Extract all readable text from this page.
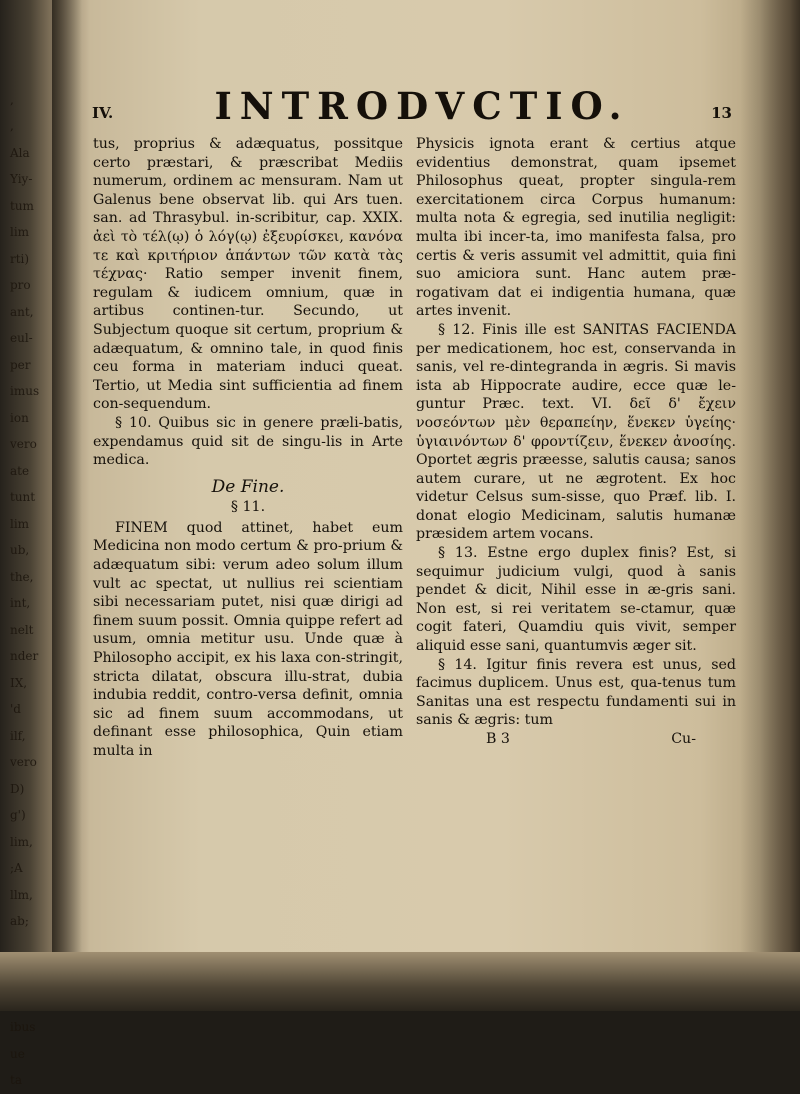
,
,
Ala
Yiy-
tum
lim
rti)
pro
ant,
eul-
per
imus
ion
vero
ate
tunt
lim
ub,
the,
int,
nelt
nder
IX,
'd
ilf,
vero
D)
g')
lim,
;A
llm,
ab;
ibus
ue
ta
IV.	INTRODVCTIO.	13

tus, proprius & adæquatus, possitque certo præstari, & præscribat Mediis numerum, ordinem ac mensuram. Nam ut Galenus bene observat lib. qui Ars tuen. san. ad Thrasybul. in-scribitur, cap. XXIX. ἀεὶ τὸ τέλ(ῳ) ὁ λόγ(ῳ) ἐξευρίσκει, κανόνα τε καὶ κριτήριον ἁπάντων τῶν κατὰ τὰς τέχνας· Ratio semper invenit finem, regulam & iudicem omnium, quæ in artibus continen-tur. Secundo, ut Subjectum quoque sit certum, proprium & adæquatum, & omnino tale, in quod finis ceu forma in materiam induci queat. Tertio, ut Media sint sufficientia ad finem con-sequendum.

§ 10. Quibus sic in genere præli-batis, expendamus quid sit de singu-lis in Arte medica.

De Fine.

§ 11.

FINEM quod attinet, habet eum Medicina non modo certum & pro-prium & adæquatum sibi: verum adeo solum illum vult ac spectat, ut nullius rei scientiam sibi necessariam putet, nisi quæ dirigi ad finem suum possit. Omnia quippe refert ad usum, omnia metitur usu. Unde quæ à Philosopho accipit, ex his laxa con-stringit, stricta dilatat, obscura illu-strat, dubia indubia reddit, contro-versa definit, omnia sic ad finem suum accommodans, ut definant esse philosophica, Quin etiam multa in

Physicis ignota erant & certius atque evidentius demonstrat, quam ipsemet Philosophus queat, propter singula-rem exercitationem circa Corpus humanum: multa nota & egregia, sed inutilia negligit: multa ibi incer-ta, imo manifesta falsa, pro certis & veris assumit vel admittit, quia fini suo amiciora sunt. Hanc autem præ-rogativam dat ei indigentia humana, quæ artes invenit.

§ 12. Finis ille est SANITAS FACIENDA per medicationem, hoc est, conservanda in sanis, vel re-dintegranda in ægris. Si mavis ista ab Hippocrate audire, ecce quæ le-guntur Præc. text. VI. δεῖ δ' ἔχειν νοσεόντων μὲν θεραπείην, ἕνεκεν ὑγείης· ὑγιαινόντων δ' φροντίζειν, ἕνεκεν ἀνοσίης. Oportet ægris præesse, salutis causa; sanos autem curare, ut ne ægrotent. Ex hoc videtur Celsus sum-sisse, quo Præf. lib. I. donat elogio Medicinam, salutis humanæ præsidem artem vocans.

§ 13. Estne ergo duplex finis? Est, si sequimur judicium vulgi, quod à sanis pendet & dicit, Nihil esse in æ-gris sani. Non est, si rei veritatem se-ctamur, quæ cogit fateri, Quamdiu quis vivit, semper aliquid esse sani, quantumvis æger sit.

§ 14. Igitur finis revera est unus, sed facimus duplicem. Unus est, qua-tenus tum Sanitas una est respectu fundamenti sui in sanis & ægris: tum

B 3	Cu-
